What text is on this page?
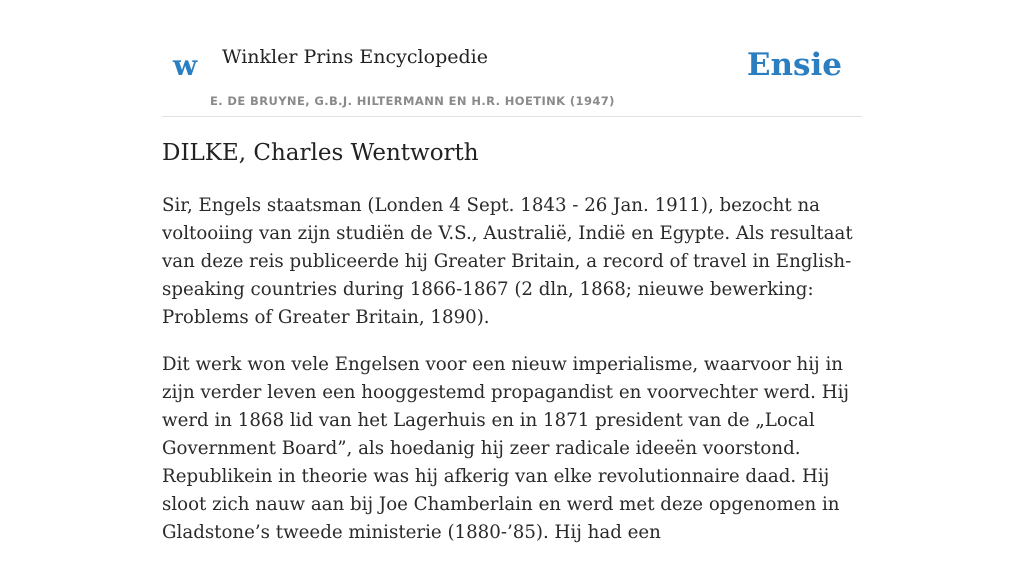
w Winkler Prins Encyclopedie
E. DE BRUYNE, G.B.J. HILTERMANN EN H.R. HOETINK (1947)
Ensie
DILKE, Charles Wentworth

Sir, Engels staatsman (Londen 4 Sept. 1843 - 26 Jan. 1911), bezocht na voltooiing van zijn studiën de V.S., Australië, Indië en Egypte. Als resultaat van deze reis publiceerde hij Greater Britain, a record of travel in English-speaking countries during 1866-1867 (2 dln, 1868; nieuwe bewerking: Problems of Greater Britain, 1890).

Dit werk won vele Engelsen voor een nieuw imperialisme, waarvoor hij in zijn verder leven een hooggestemd propagandist en voorvechter werd. Hij werd in 1868 lid van het Lagerhuis en in 1871 president van de „Local Government Board”, als hoedanig hij zeer radicale ideeën voorstond. Republikein in theorie was hij afkerig van elke revolutionnaire daad. Hij sloot zich nauw aan bij Joe Chamberlain en werd met deze opgenomen in Gladstone’s tweede ministerie (1880-’85). Hij had een
